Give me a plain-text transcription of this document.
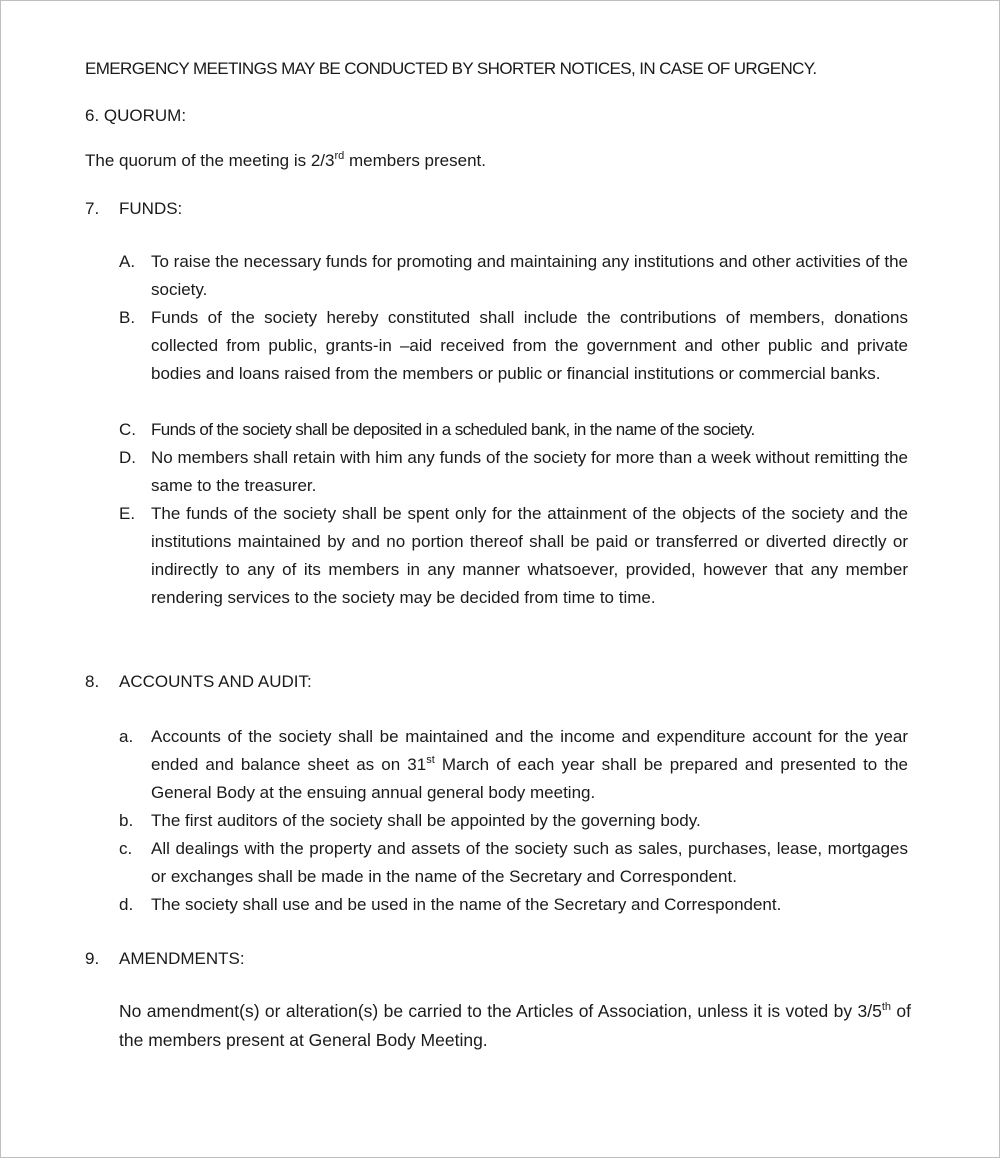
EMERGENCY MEETINGS MAY BE CONDUCTED BY SHORTER NOTICES, IN CASE OF URGENCY.
6. QUORUM:
The quorum of the meeting is 2/3rd members present.
7. FUNDS:
A. To raise the necessary funds for promoting and maintaining any institutions and other activities of the society.
B. Funds of the society hereby constituted shall include the contributions of members, donations collected from public, grants-in –aid received from the government and other public and private bodies and loans raised from the members or public or financial institutions or commercial banks.
C. Funds of the society shall be deposited in a scheduled bank, in the name of the society.
D. No members shall retain with him any funds of the society for more than a week without remitting the same to the treasurer.
E. The funds of the society shall be spent only for the attainment of the objects of the society and the institutions maintained by and no portion thereof shall be paid or transferred or diverted directly or indirectly to any of its members in any manner whatsoever, provided, however that any member rendering services to the society may be decided from time to time.
8. ACCOUNTS AND AUDIT:
a. Accounts of the society shall be maintained and the income and expenditure account for the year ended and balance sheet as on 31st March of each year shall be prepared and presented to the General Body at the ensuing annual general body meeting.
b. The first auditors of the society shall be appointed by the governing body.
c. All dealings with the property and assets of the society such as sales, purchases, lease, mortgages or exchanges shall be made in the name of the Secretary and Correspondent.
d. The society shall use and be used in the name of the Secretary and Correspondent.
9. AMENDMENTS:
No amendment(s) or alteration(s) be carried to the Articles of Association, unless it is voted by 3/5th of the members present at General Body Meeting.
